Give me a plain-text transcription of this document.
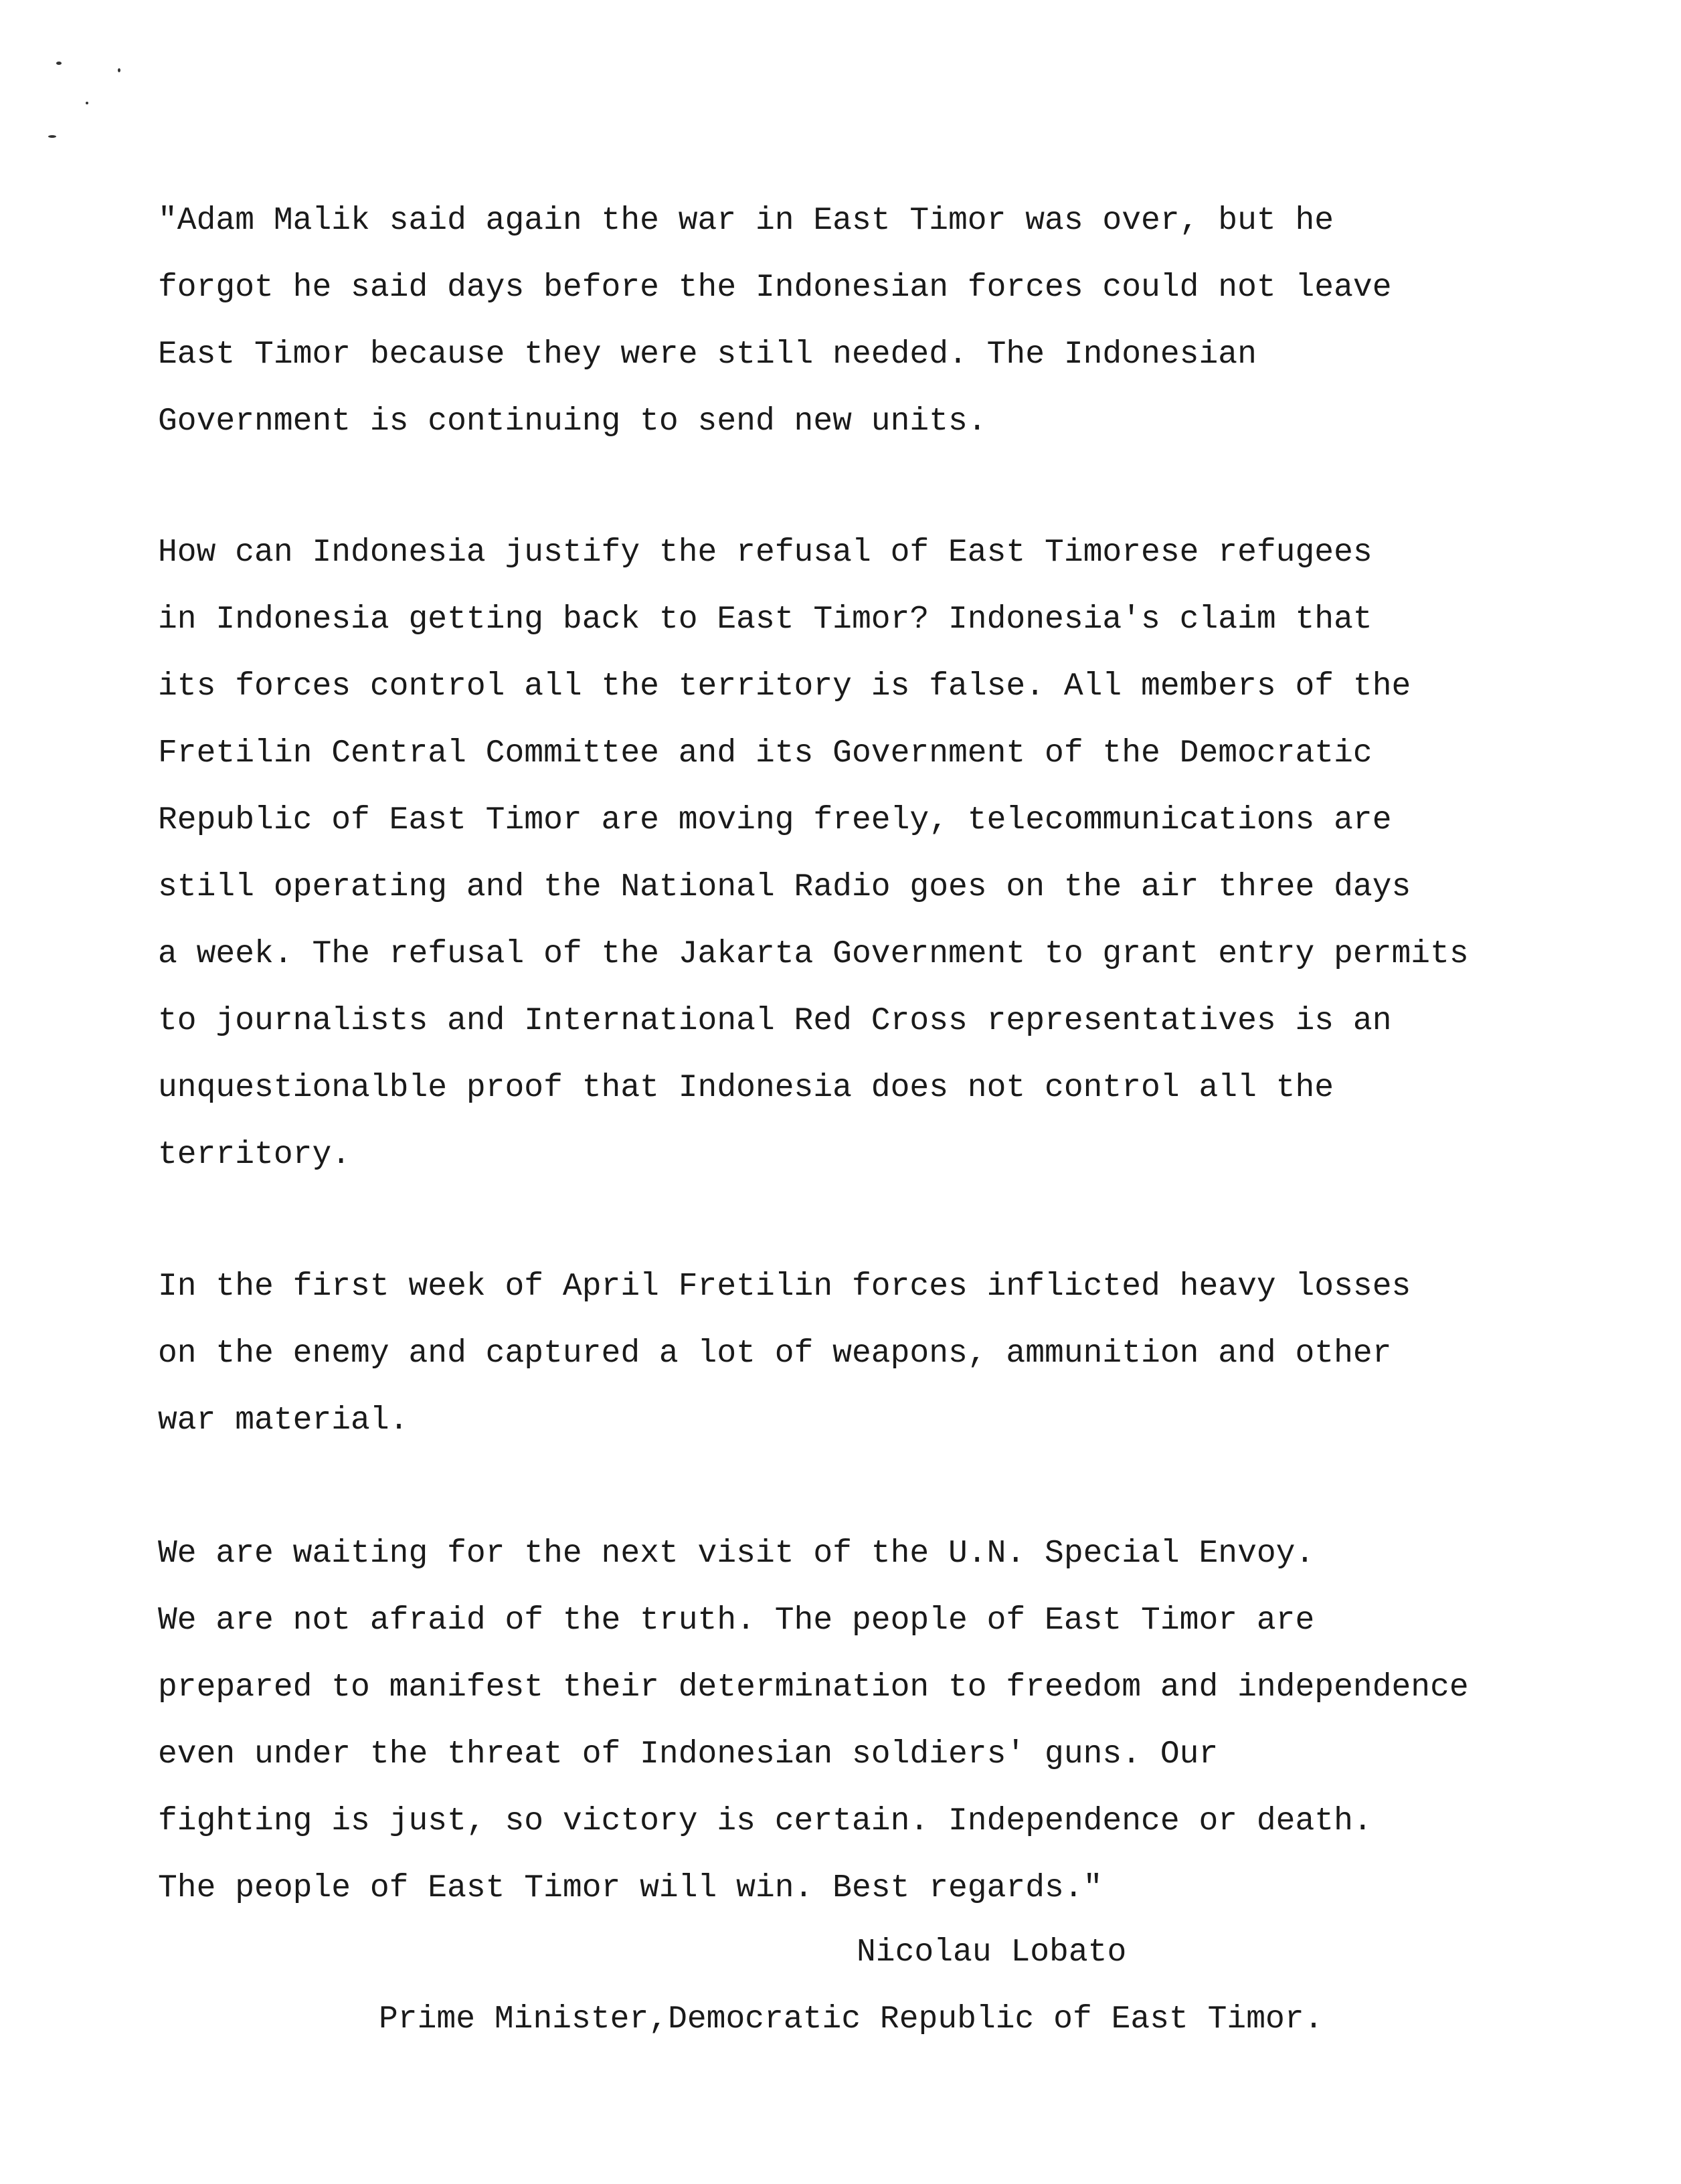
"Adam Malik said again the war in East Timor was over, but he
forgot he said days before the Indonesian forces could not leave
East Timor because they were still needed. The Indonesian
Government is continuing to send new units.
How can Indonesia justify the refusal of East Timorese refugees
in Indonesia getting back to East Timor? Indonesia's claim that
its forces control all the territory is false. All members of the
Fretilin Central Committee and its Government of the Democratic
Republic of East Timor are moving freely, telecommunications are
still operating and the National Radio goes on the air three days
a week. The refusal of the Jakarta Government to grant entry permits
to journalists and International Red Cross representatives is an
unquestionalble proof that Indonesia does not control all the
territory.
In the first week of April Fretilin forces inflicted heavy losses
on the enemy and captured a lot of weapons, ammunition and other
war material.
We are waiting for the next visit of the U.N. Special Envoy.
We are not afraid of the truth. The people of East Timor are
prepared to manifest their determination to freedom and independence
even under the threat of Indonesian soldiers' guns. Our
fighting is just, so victory is certain. Independence or death.
The people of East Timor will win. Best regards."

Nicolau Lobato

Prime Minister,Democratic Republic of East Timor.
